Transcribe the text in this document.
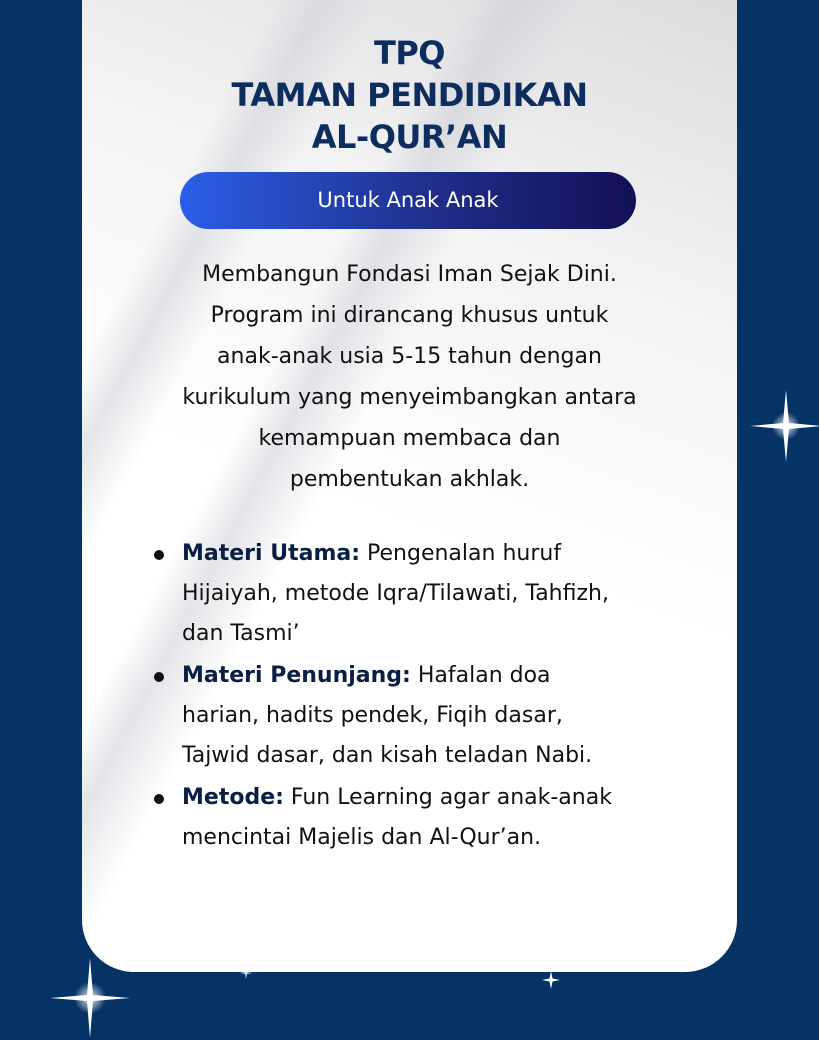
TPQ
TAMAN PENDIDIKAN
AL-QUR’AN
Untuk Anak Anak

Membangun Fondasi Iman Sejak Dini.
Program ini dirancang khusus untuk
anak-anak usia 5-15 tahun dengan
kurikulum yang menyeimbangkan antara
kemampuan membaca dan
pembentukan akhlak.

Materi Utama: Pengenalan huruf
Hijaiyah, metode Iqra/Tilawati, Tahfizh,
dan Tasmi’
Materi Penunjang: Hafalan doa
harian, hadits pendek, Fiqih dasar,
Tajwid dasar, dan kisah teladan Nabi.
Metode: Fun Learning agar anak-anak
mencintai Majelis dan Al-Qur’an.
